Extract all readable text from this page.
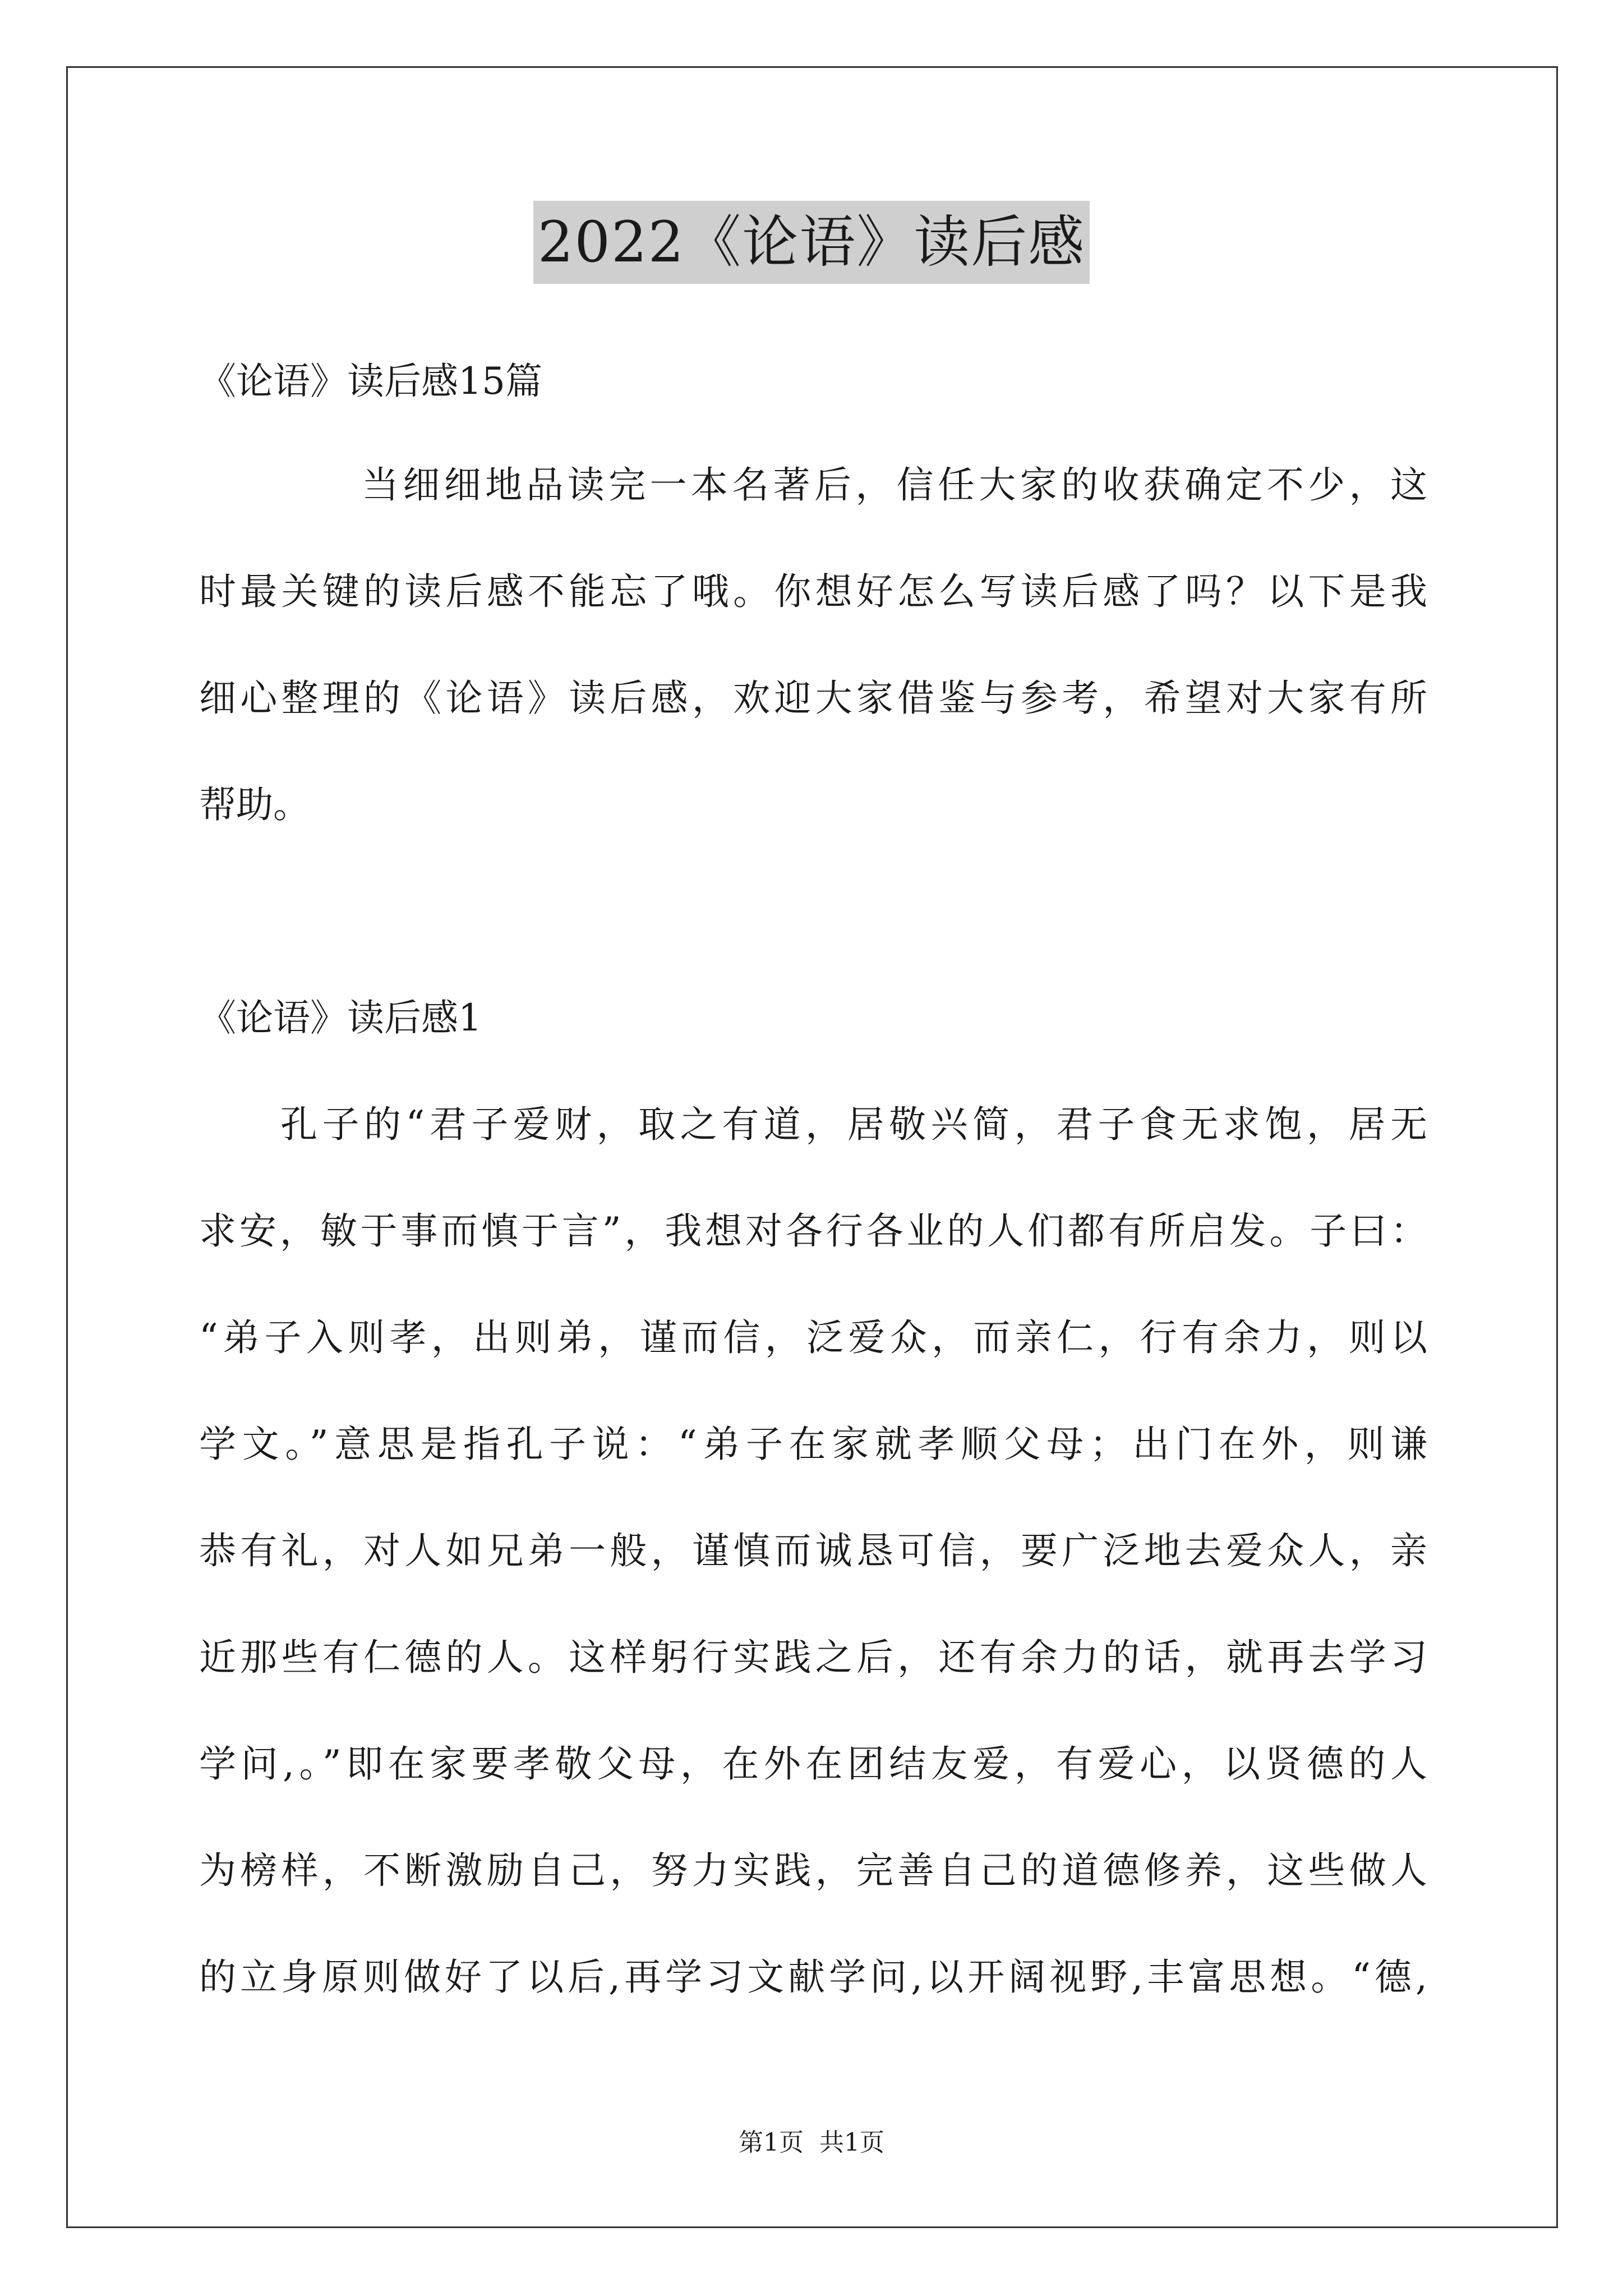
2022《论语》读后感
《论语》读后感15篇
当细细地品读完一本名著后，信任大家的收获确定不少，这
时最关键的读后感不能忘了哦。你想好怎么写读后感了吗？以下是我
细心整理的《论语》读后感，欢迎大家借鉴与参考，希望对大家有所
帮助。
《论语》读后感1
孔子的“君子爱财，取之有道，居敬兴简，君子食无求饱，居无
求安，敏于事而慎于言”，我想对各行各业的人们都有所启发。子曰：
“弟子入则孝，出则弟，谨而信，泛爱众，而亲仁，行有余力，则以
学文。”意思是指孔子说：“弟子在家就孝顺父母；出门在外，则谦
恭有礼，对人如兄弟一般，谨慎而诚恳可信，要广泛地去爱众人，亲
近那些有仁德的人。这样躬行实践之后，还有余力的话，就再去学习
学问,。”即在家要孝敬父母，在外在团结友爱，有爱心，以贤德的人
为榜样，不断激励自己，努力实践，完善自己的道德修养，这些做人
的立身原则做好了以后,再学习文献学问,以开阔视野,丰富思想。“德,
第1页 共1页
